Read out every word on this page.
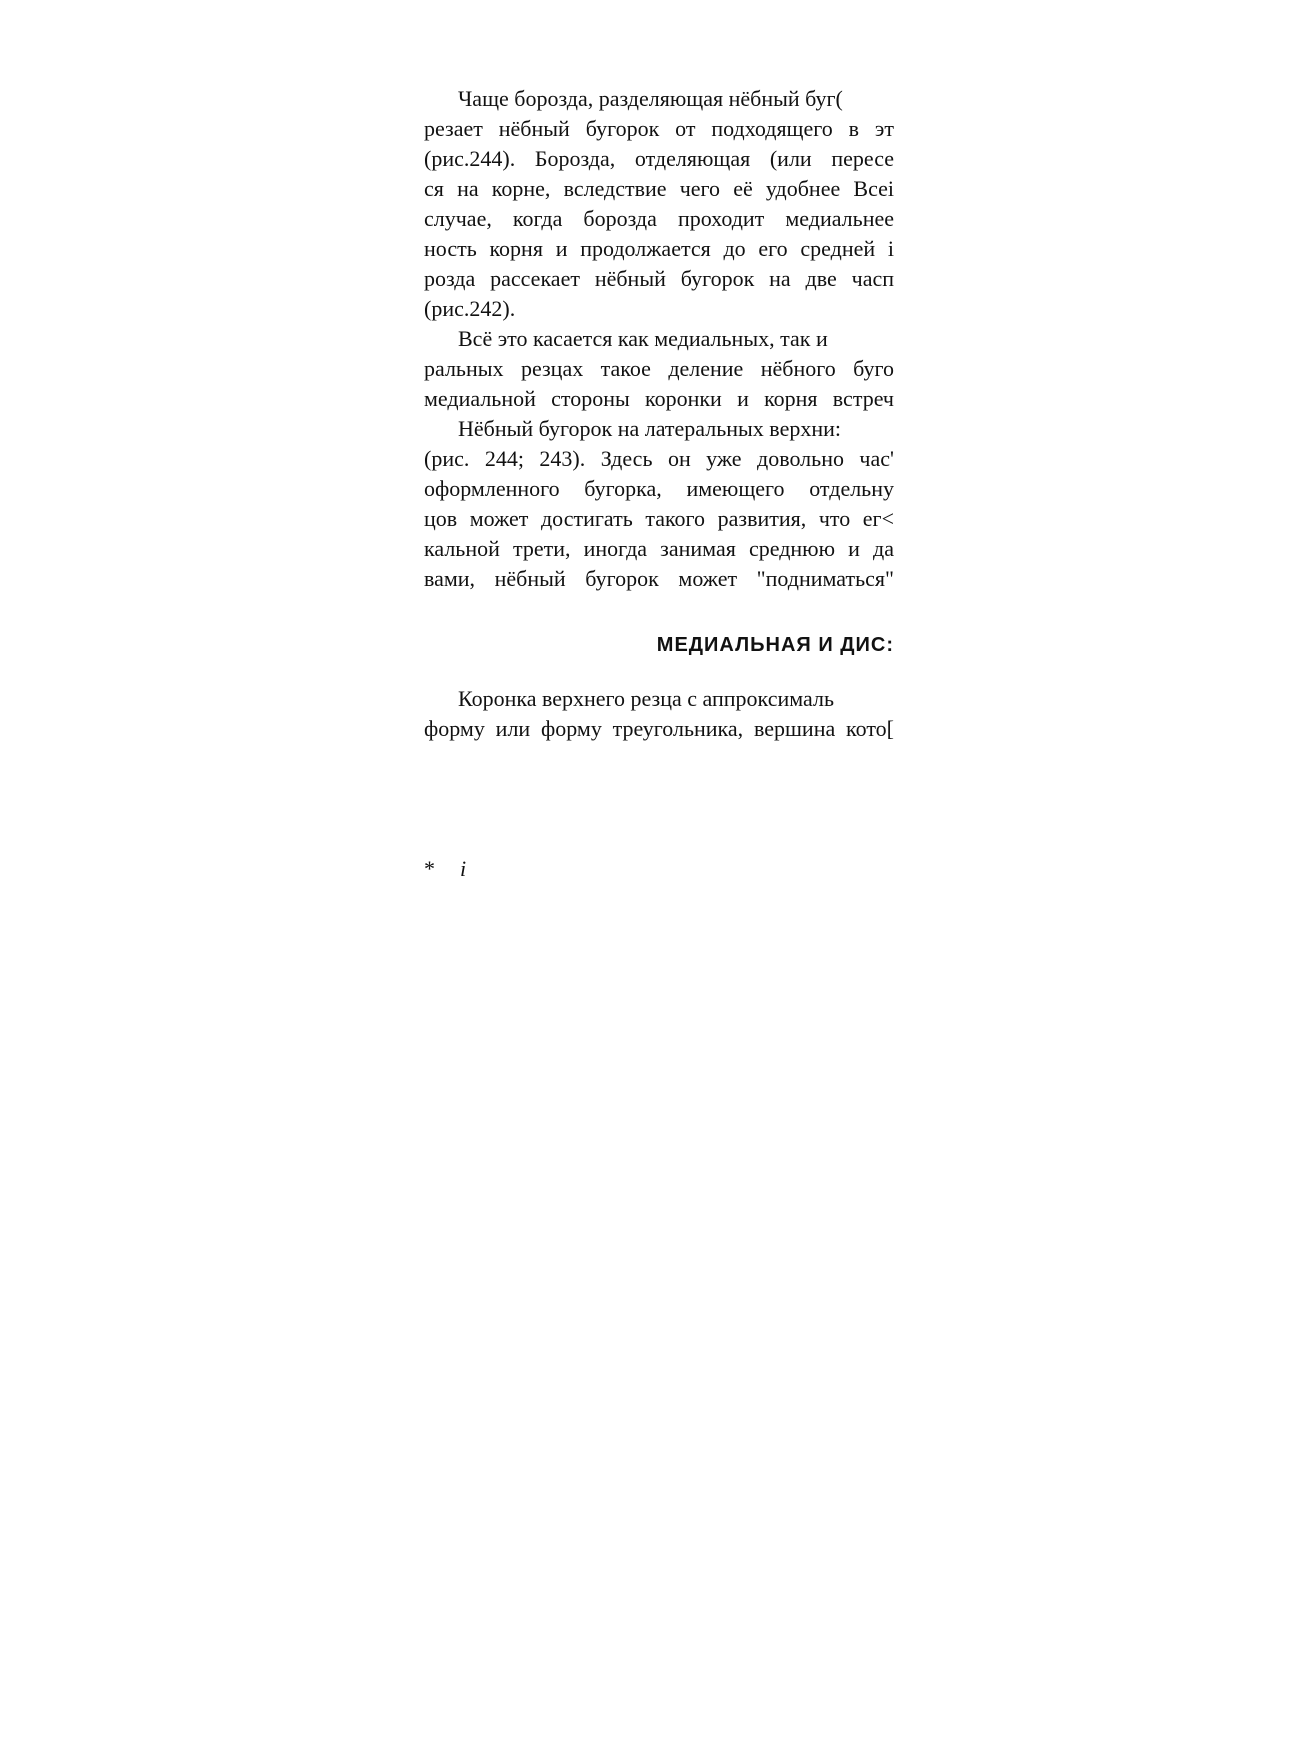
Чаще борозда, разделяющая нёбный буг(
резает нёбный бугорок от подходящего в эт
(рис.244). Борозда, отделяющая (или пересе
ся на корне, вследствие чего её удобнее Всеі
случае, когда борозда проходит медиальнее
ность корня и продолжается до его средней і
розда рассекает нёбный бугорок на две часп
(рис.242).
Всё это касается как медиальных, так и
ральных резцах такое деление нёбного буго
медиальной стороны коронки и корня встреч
Нёбный бугорок на латеральных верхни:
(рис. 244; 243). Здесь он уже довольно час'
оформленного бугорка, имеющего отдельну
цов может достигать такого развития, что ег<
кальной трети, иногда занимая среднюю и да
вами, нёбный бугорок может "подниматься"
МЕДИАЛЬНАЯ И ДИС:
Коронка верхнего резца с аппроксималь
форму или форму треугольника, вершина кото[
* i
